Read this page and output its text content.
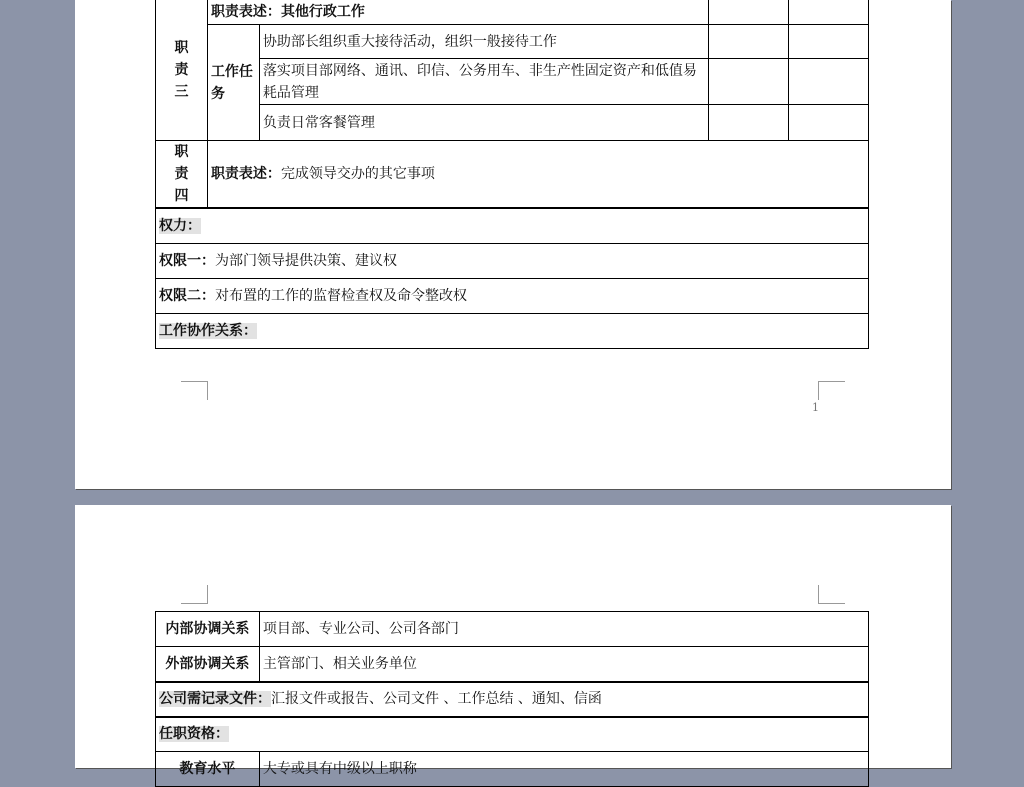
职
责
三	职责表述：其他行政工作			
	工作任务	协助部长组织重大接待活动，组织一般接待工作		
		落实项目部网络、通讯、印信、公务用车、非生产性固定资产和低值易耗品管理		
		负责日常客餐管理		

职
责
四	职责表述：完成领导交办的其它事项			
权力：				
权限一：为部门领导提供决策、建议权				
权限二：对布置的工作的监督检查权及命令整改权				
工作协作关系：				
1
内部协调关系	项目部、专业公司、公司各部门
外部协调关系	主管部门、相关业务单位
公司需记录文件：汇报文件或报告、公司文件 、工作总结 、通知、信函	
任职资格：	
教育水平	大专或具有中级以上职称
